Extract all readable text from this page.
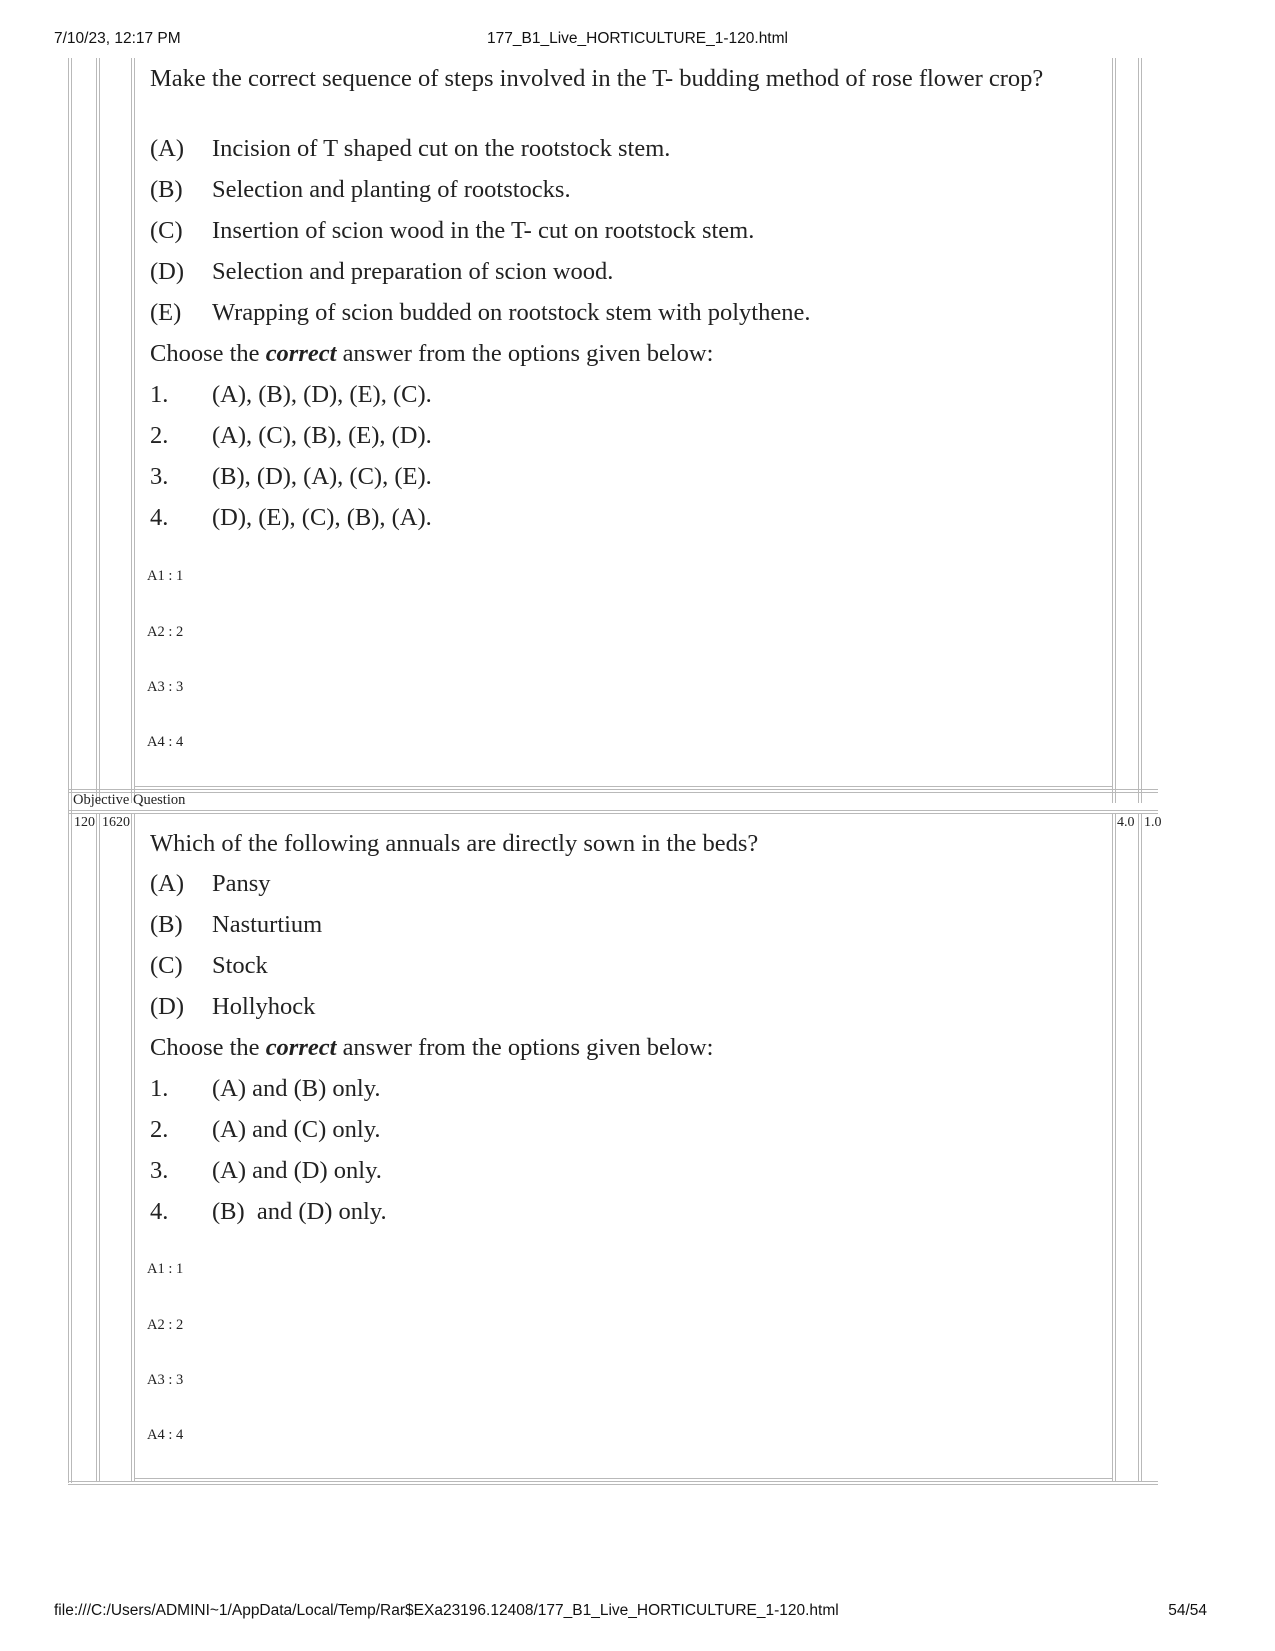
7/10/23, 12:17 PM	177_B1_Live_HORTICULTURE_1-120.html
Make the correct sequence of steps involved in the T- budding method of rose flower crop?
(A) Incision of T shaped cut on the rootstock stem.
(B) Selection and planting of rootstocks.
(C) Insertion of scion wood in the T- cut on rootstock stem.
(D) Selection and preparation of scion wood.
(E) Wrapping of scion budded on rootstock stem with polythene.
Choose the correct answer from the options given below:
1. (A), (B), (D), (E), (C).
2. (A), (C), (B), (E), (D).
3. (B), (D), (A), (C), (E).
4. (D), (E), (C), (B), (A).
A1 : 1
A2 : 2
A3 : 3
A4 : 4
Objective Question
120 1620	4.0 1.0
Which of the following annuals are directly sown in the beds?
(A) Pansy
(B) Nasturtium
(C) Stock
(D) Hollyhock
Choose the correct answer from the options given below:
1. (A) and (B) only.
2. (A) and (C) only.
3. (A) and (D) only.
4. (B)  and (D) only.
A1 : 1
A2 : 2
A3 : 3
A4 : 4
file:///C:/Users/ADMINI~1/AppData/Local/Temp/Rar$EXa23196.12408/177_B1_Live_HORTICULTURE_1-120.html	54/54
